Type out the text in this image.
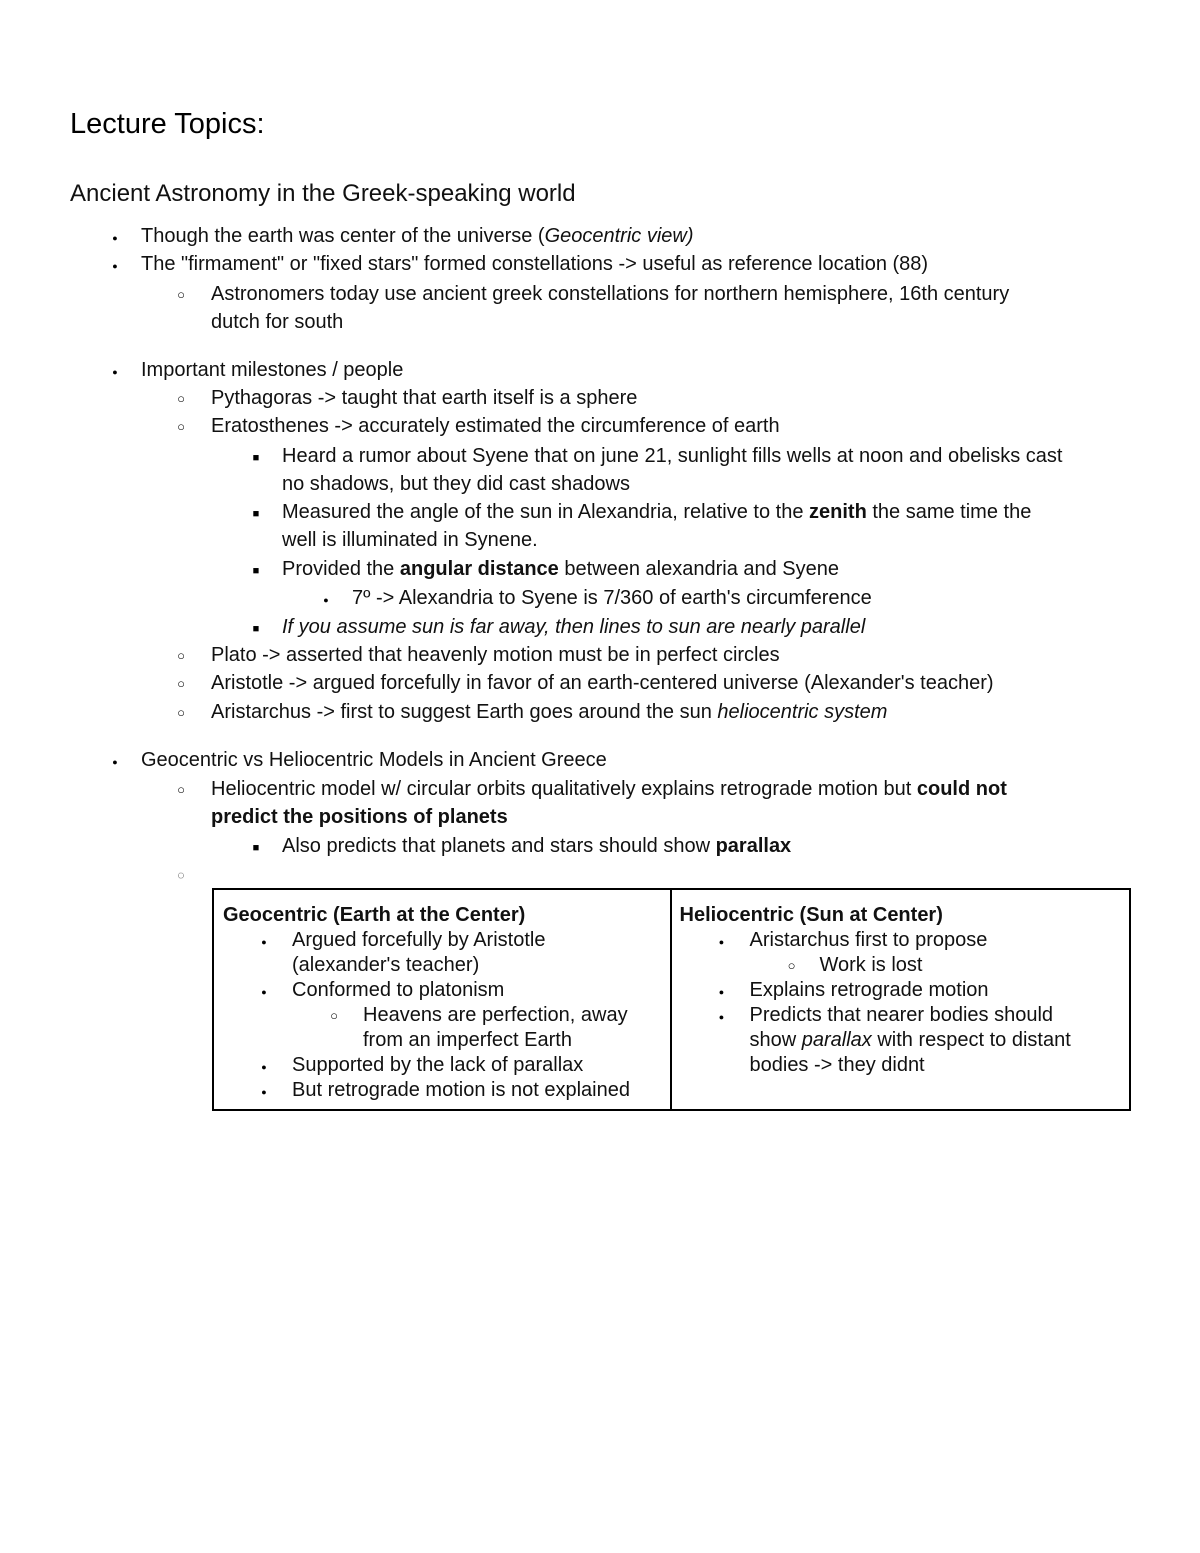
Lecture Topics:
Ancient Astronomy in the Greek-speaking world
●
Though the earth was center of the universe (Geocentric view)
●
The "firmament" or "fixed stars" formed constellations -> useful as reference location (88)
○
Astronomers today use ancient greek constellations for northern hemisphere, 16th century
dutch for south
●
Important milestones / people
○
Pythagoras -> taught that earth itself is a sphere
○
Eratosthenes -> accurately estimated the circumference of earth
■
Heard a rumor about Syene that on june 21, sunlight fills wells at noon and obelisks cast
no shadows, but they did cast shadows
■
Measured the angle of the sun in Alexandria, relative to the zenith the same time the
well is illuminated in Synene.
■
Provided the angular distance between alexandria and Syene
●
7º -> Alexandria to Syene is 7/360 of earth's circumference
■
If you assume sun is far away, then lines to sun are nearly parallel
○
Plato -> asserted that heavenly motion must be in perfect circles
○
Aristotle -> argued forcefully in favor of an earth-centered universe (Alexander's teacher)
○
Aristarchus -> first to suggest Earth goes around the sun heliocentric system
●
Geocentric vs Heliocentric Models in Ancient Greece
○
Heliocentric model w/ circular orbits qualitatively explains retrograde motion but could not
predict the positions of planets
■
Also predicts that planets and stars should show parallax
◌
Geocentric (Earth at the Center)
●
Argued forcefully by Aristotle
(alexander's teacher)
●
Conformed to platonism
○
Heavens are perfection, away
from an imperfect Earth
●
Supported by the lack of parallax
●
But retrograde motion is not explained
Heliocentric (Sun at Center)
●
Aristarchus first to propose
○
Work is lost
●
Explains retrograde motion
●
Predicts that nearer bodies should
show parallax with respect to distant
bodies -> they didnt
